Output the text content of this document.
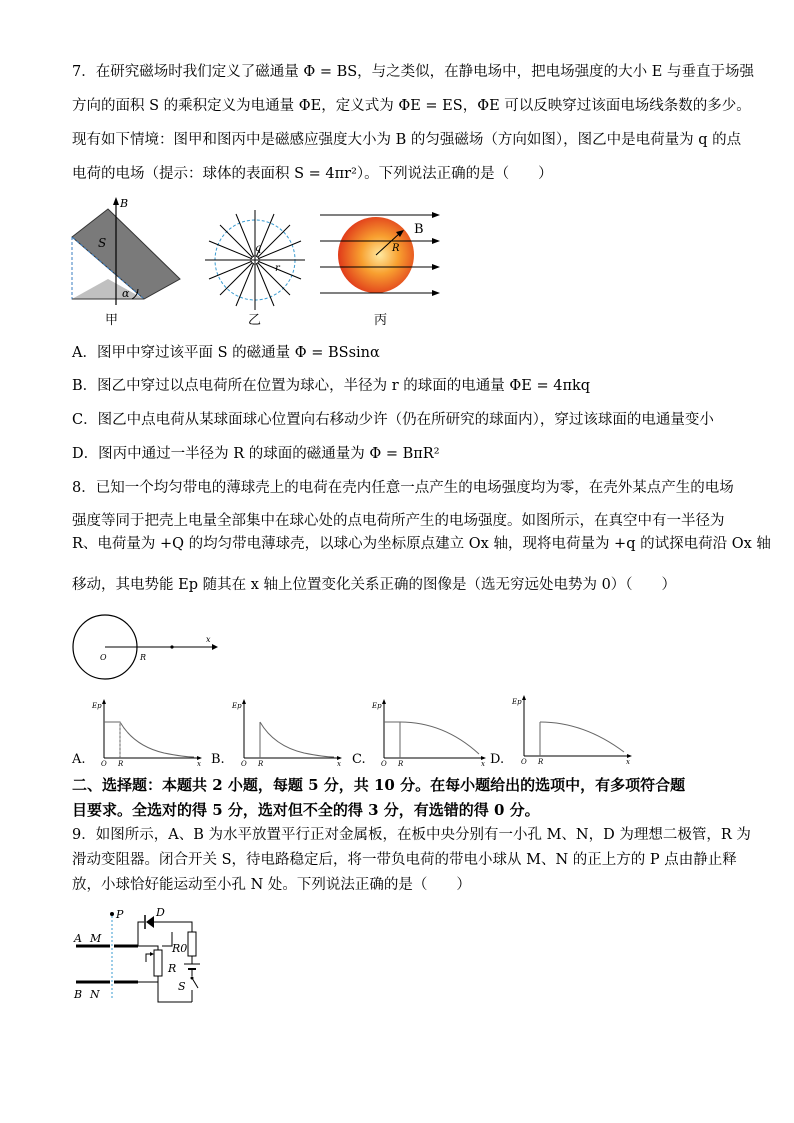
7．在研究磁场时我们定义了磁通量 Φ = BS，与之类似，在静电场中，把电场强度的大小 E 与垂直于场强
方向的面积 S 的乘积定义为电通量 ΦE，定义式为 ΦE = ES，ΦE 可以反映穿过该面电场线条数的多少。
现有如下情境：图甲和图丙中是磁感应强度大小为 B 的匀强磁场（方向如图），图乙中是电荷量为 q 的点
电荷的电场（提示：球体的表面积 S = 4πr²）。下列说法正确的是（　　）
B
S
α
甲
q
r
乙
B
R
丙
A．图甲中穿过该平面 S 的磁通量 Φ = BSsinα
B．图乙中穿过以点电荷所在位置为球心，半径为 r 的球面的电通量 ΦE = 4πkq
C．图乙中点电荷从某球面球心位置向右移动少许（仍在所研究的球面内），穿过该球面的电通量变小
D．图丙中通过一半径为 R 的球面的磁通量为 Φ = BπR²
8．已知一个均匀带电的薄球壳上的电荷在壳内任意一点产生的电场强度均为零，在壳外某点产生的电场
强度等同于把壳上电量全部集中在球心处的点电荷所产生的电场强度。如图所示，在真空中有一半径为
R、电荷量为 +Q 的均匀带电薄球壳，以球心为坐标原点建立 Ox 轴，现将电荷量为 +q 的试探电荷沿 Ox 轴
移动，其电势能 Ep 随其在 x 轴上位置变化关系正确的图像是（选无穷远处电势为 0）（　　）
O	R
x
A.
Ep
O R	x B.
Ep
O R	x C.
Ep
O R	x D.
Ep
O R	x
二、选择题：本题共 2 小题，每题 5 分，共 10 分。在每小题给出的选项中，有多项符合题
目要求。全选对的得 5 分，选对但不全的得 3 分，有选错的得 0 分。
9．如图所示，A、B 为水平放置平行正对金属板，在板中央分别有一小孔 M、N，D 为理想二极管，R 为
滑动变阻器。闭合开关 S，待电路稳定后，将一带负电荷的带电小球从 M、N 的正上方的 P 点由静止释
放，小球恰好能运动至小孔 N 处。下列说法正确的是（　　）
P	D
A M
B N
R0
R
S
